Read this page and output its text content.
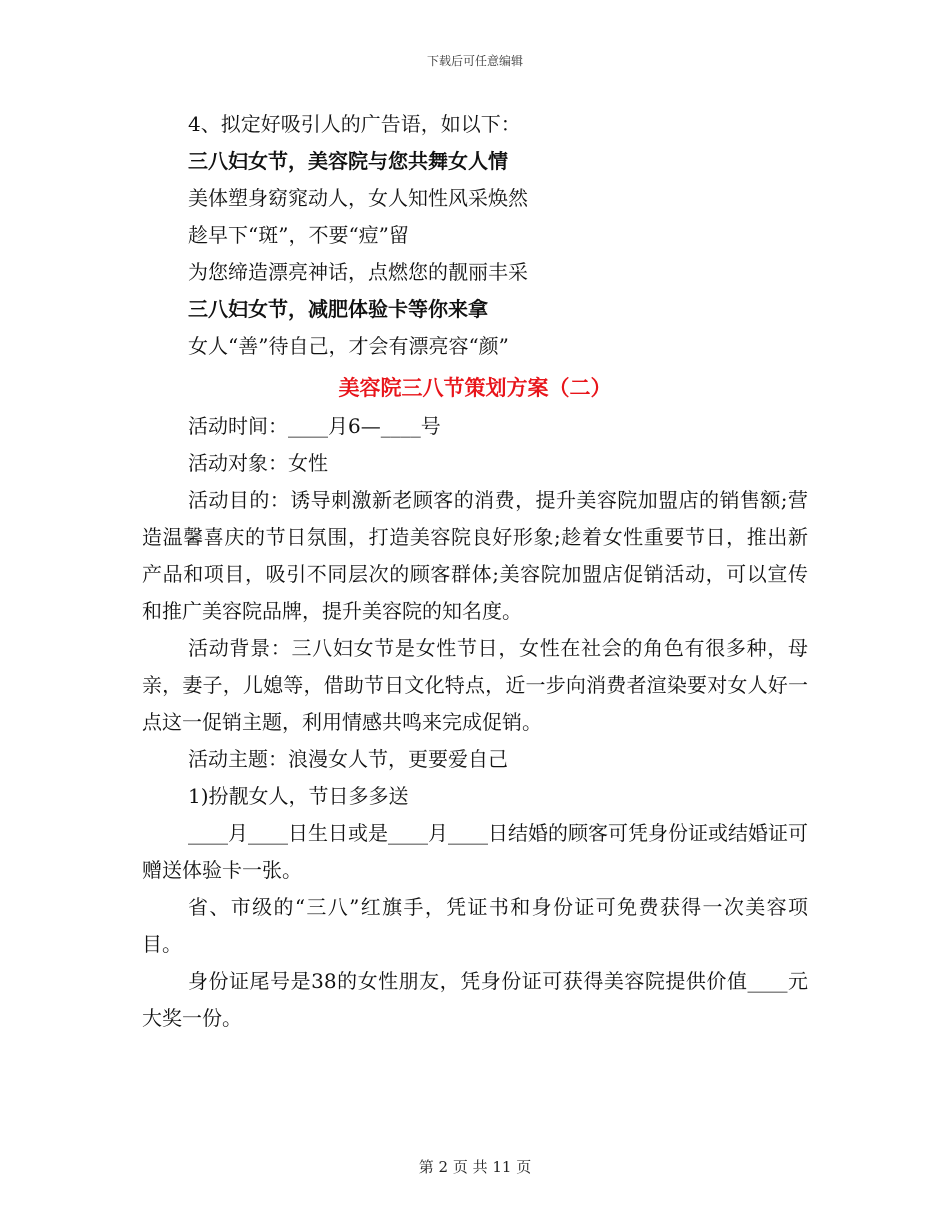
下载后可任意编辑
4、拟定好吸引人的广告语，如以下：
三八妇女节，美容院与您共舞女人情
美体塑身窈窕动人，女人知性风采焕然
趁早下“斑”，不要“痘”留
为您缔造漂亮神话，点燃您的靓丽丰采
三八妇女节，减肥体验卡等你来拿
女人“善”待自己，才会有漂亮容“颜”
美容院三八节策划方案（二）

活动时间：____月6—____号

活动对象：女性

活动目的：诱导刺激新老顾客的消费，提升美容院加盟店的销售额;营造温馨喜庆的节日氛围，打造美容院良好形象;趁着女性重要节日，推出新产品和项目，吸引不同层次的顾客群体;美容院加盟店促销活动，可以宣传和推广美容院品牌，提升美容院的知名度。

活动背景：三八妇女节是女性节日，女性在社会的角色有很多种，母亲，妻子，儿媳等，借助节日文化特点，近一步向消费者渲染要对女人好一点这一促销主题，利用情感共鸣来完成促销。

活动主题：浪漫女人节，更要爱自己

1)扮靓女人，节日多多送

____月____日生日或是____月____日结婚的顾客可凭身份证或结婚证可赠送体验卡一张。

省、市级的“三八”红旗手，凭证书和身份证可免费获得一次美容项目。

身份证尾号是38的女性朋友，凭身份证可获得美容院提供价值____元大奖一份。

第 2 页 共 11 页
